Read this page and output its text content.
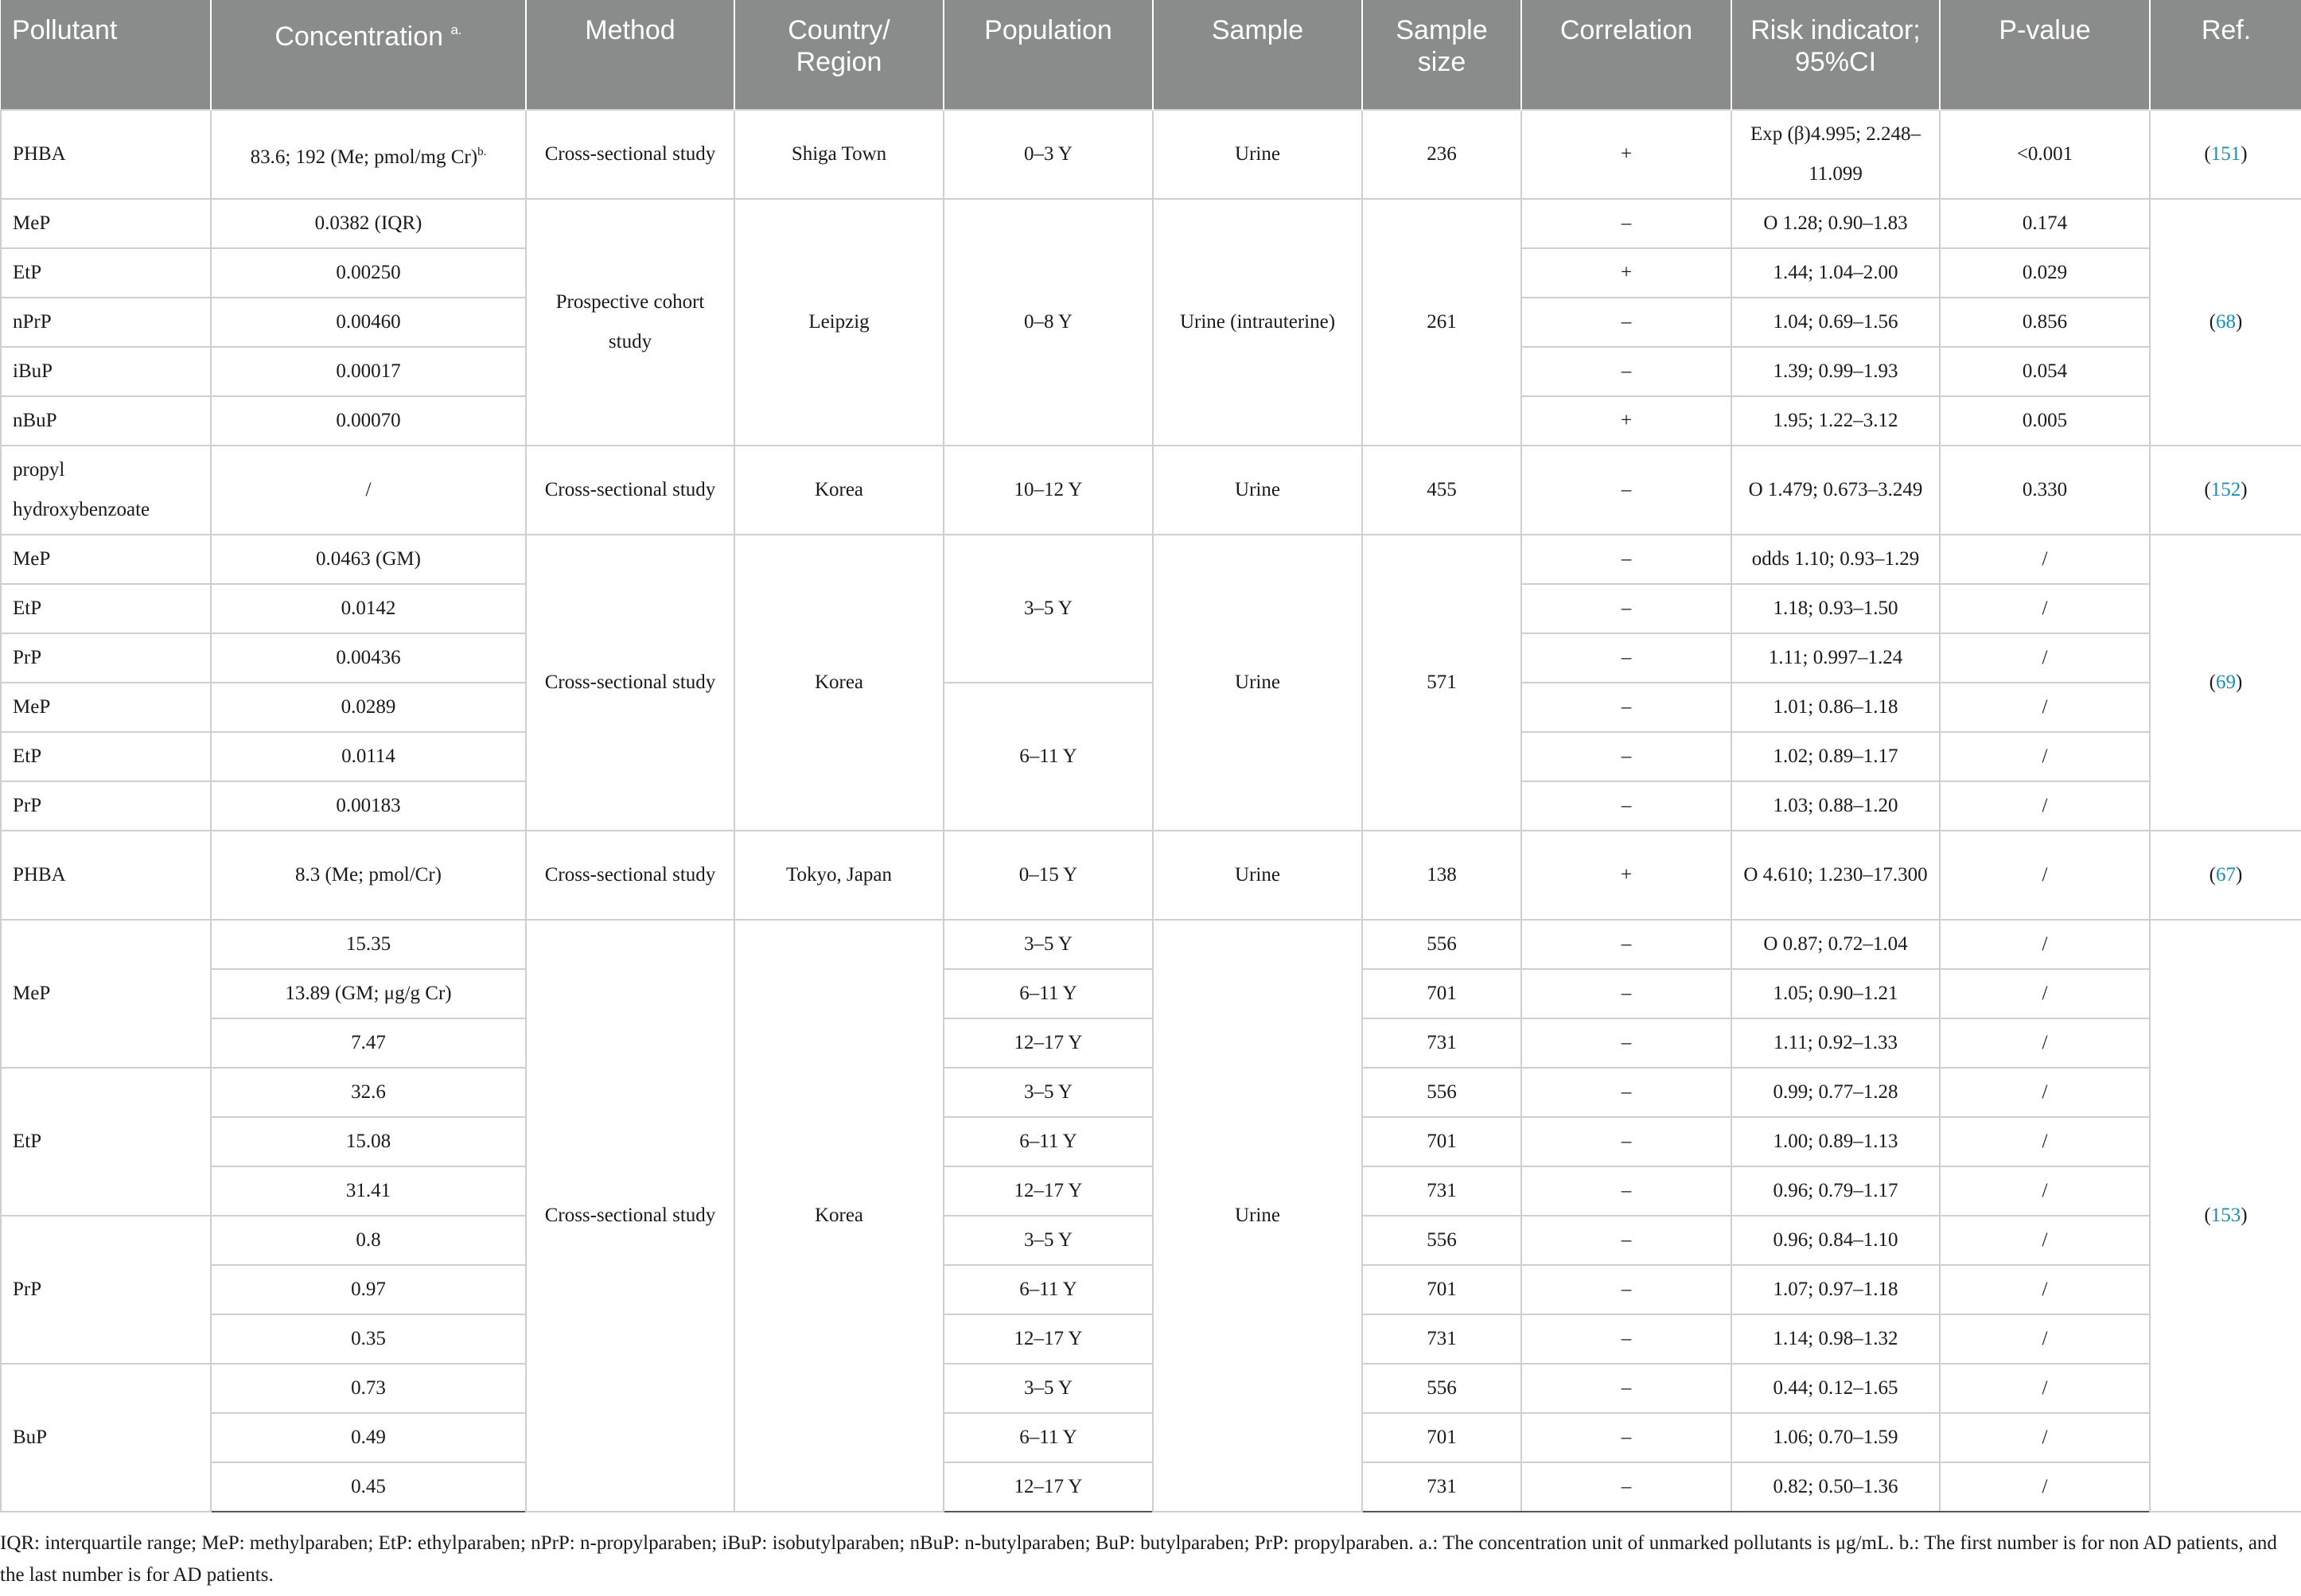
Pollutant	Concentration $^{a.}$	Method	Country/ Region	Population	Sample	Sample size	Correlation	Risk indicator; 95%CI	P-value	Ref.
PHBA	83.6; 192 (Me; pmol/mg Cr)$^{b.}$	Cross-sectional study	Shiga Town	0–3 Y	Urine	236	+	Exp (β)4.995; 2.248–11.099	<0.001	(151)
MeP	0.0382 (IQR)	Prospective cohort study	Leipzig	0–8 Y	Urine (intrauterine)	261	–	O 1.28; 0.90–1.83	0.174	(68)
EtP	0.00250						+	1.44; 1.04–2.00	0.029	
nPrP	0.00460						–	1.04; 0.69–1.56	0.856	
iBuP	0.00017						–	1.39; 0.99–1.93	0.054	
nBuP	0.00070						+	1.95; 1.22–3.12	0.005	
propyl hydroxybenzoate	/	Cross-sectional study	Korea	10–12 Y	Urine	455	–	O 1.479; 0.673–3.249	0.330	(152)
MeP	0.0463 (GM)	Cross-sectional study	Korea	3–5 Y	Urine	571	–	odds 1.10; 0.93–1.29	/	(69)
EtP	0.0142						–	1.18; 0.93–1.50	/	
PrP	0.00436						–	1.11; 0.997–1.24	/	
MeP	0.0289			6–11 Y			–	1.01; 0.86–1.18	/	
EtP	0.0114						–	1.02; 0.89–1.17	/	
PrP	0.00183						–	1.03; 0.88–1.20	/	
PHBA	8.3 (Me; pmol/Cr)	Cross-sectional study	Tokyo, Japan	0–15 Y	Urine	138	+	O 4.610; 1.230–17.300	/	(67)
MeP	15.35	Cross-sectional study	Korea	3–5 Y	Urine	556	–	O 0.87; 0.72–1.04	/	(153)
	13.89 (GM; μg/g Cr)			6–11 Y		701	–	1.05; 0.90–1.21	/	
	7.47			12–17 Y		731	–	1.11; 0.92–1.33	/	
EtP	32.6			3–5 Y		556	–	0.99; 0.77–1.28	/	
	15.08			6–11 Y		701	–	1.00; 0.89–1.13	/	
	31.41			12–17 Y		731	–	0.96; 0.79–1.17	/	
PrP	0.8			3–5 Y		556	–	0.96; 0.84–1.10	/	
	0.97			6–11 Y		701	–	1.07; 0.97–1.18	/	
	0.35			12–17 Y		731	–	1.14; 0.98–1.32	/	
BuP	0.73			3–5 Y		556	–	0.44; 0.12–1.65	/	
	0.49			6–11 Y		701	–	1.06; 0.70–1.59	/	
	0.45			12–17 Y		731	–	0.82; 0.50–1.36	/	
IQR: interquartile range; MeP: methylparaben; EtP: ethylparaben; nPrP: n-propylparaben; iBuP: isobutylparaben; nBuP: n-butylparaben; BuP: butylparaben; PrP: propylparaben. a.: The concentration unit of unmarked pollutants is μg/mL. b.: The first number is for non AD patients, and the last number is for AD patients.
